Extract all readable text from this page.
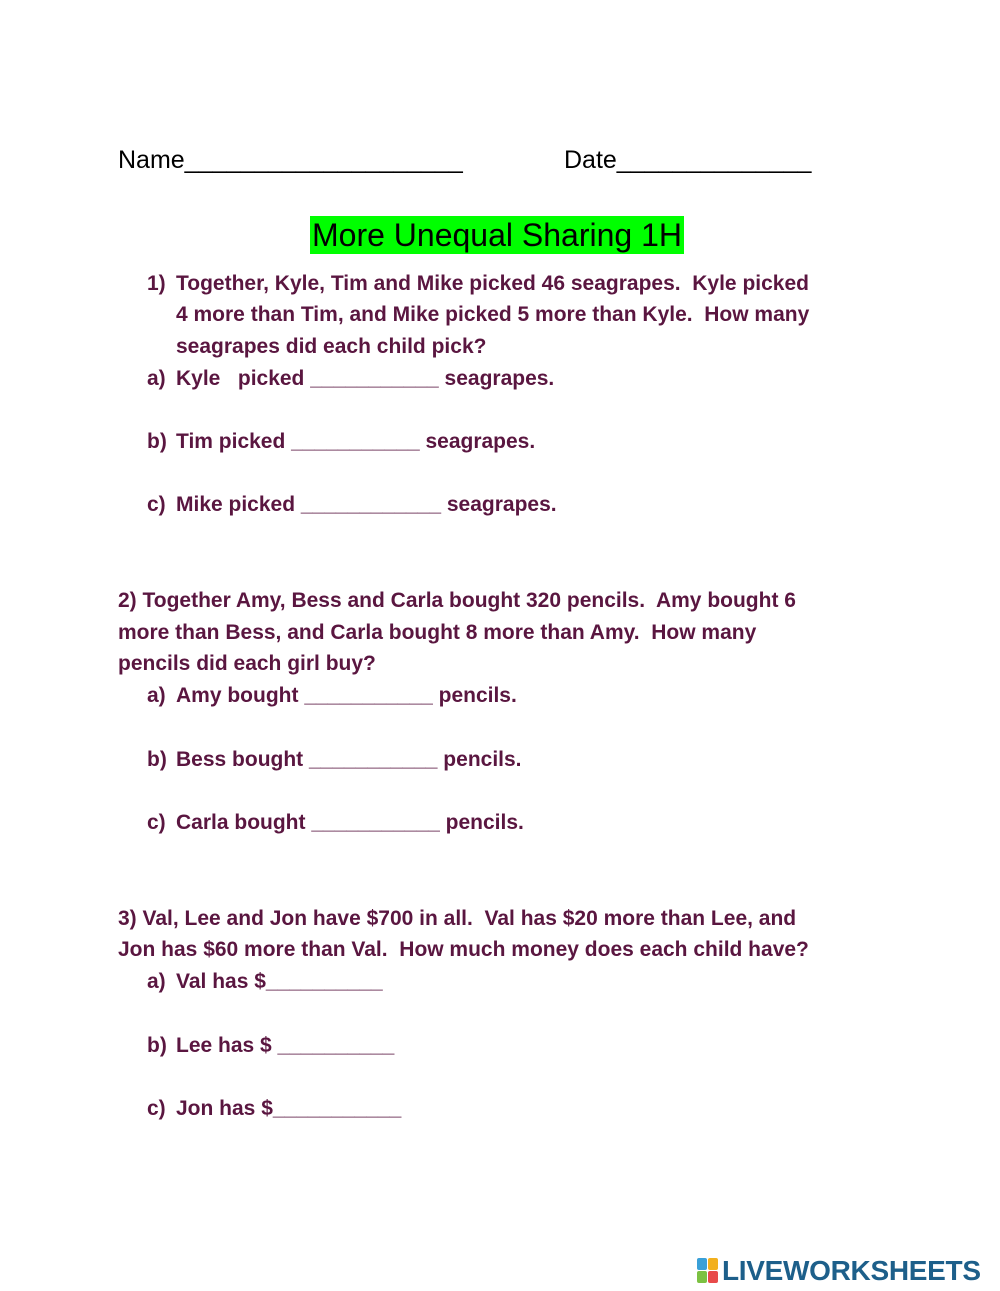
Name____________________	Date______________
More Unequal Sharing 1H
1) Together, Kyle, Tim and Mike picked 46 seagrapes.  Kyle picked
4 more than Tim, and Mike picked 5 more than Kyle.  How many
seagrapes did each child pick?
a) Kyle   picked ___________ seagrapes.
b) Tim picked ___________ seagrapes.
c) Mike picked ____________ seagrapes.
2) Together Amy, Bess and Carla bought 320 pencils.  Amy bought 6
more than Bess, and Carla bought 8 more than Amy.  How many
pencils did each girl buy?
a) Amy bought ___________ pencils.
b) Bess bought ___________ pencils.
c) Carla bought ___________ pencils.
3) Val, Lee and Jon have $700 in all.  Val has $20 more than Lee, and
Jon has $60 more than Val.  How much money does each child have?
a) Val has $__________
b) Lee has $ __________
c) Jon has $___________
LIVEWORKSHEETS
